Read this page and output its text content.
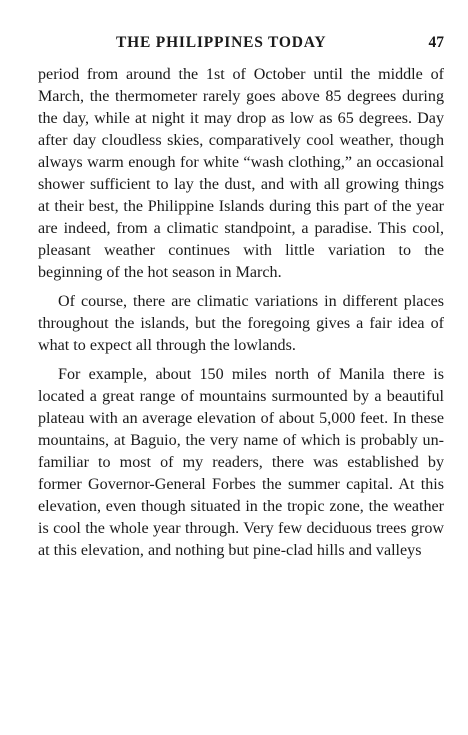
THE PHILIPPINES TODAY	47

period from around the 1st of October until the middle of March, the thermometer rarely goes above 85 degrees during the day, while at night it may drop as low as 65 degrees. Day after day cloudless skies, comparatively cool weather, though always warm enough for white “wash clothing,” an occasional shower sufficient to lay the dust, and with all growing things at their best, the Philippine Islands during this part of the year are indeed, from a climatic standpoint, a paradise. This cool, pleasant weather continues with little variation to the beginning of the hot season in March.

Of course, there are climatic variations in different places throughout the islands, but the foregoing gives a fair idea of what to expect all through the lowlands.

For example, about 150 miles north of Manila there is located a great range of mountains surmounted by a beautiful plateau with an average elevation of about 5,000 feet. In these mountains, at Baguio, the very name of which is probably unfamiliar to most of my readers, there was established by former Governor-General Forbes the summer capital. At this elevation, even though situated in the tropic zone, the weather is cool the whole year through. Very few deciduous trees grow at this elevation, and nothing but pine-clad hills and valleys
